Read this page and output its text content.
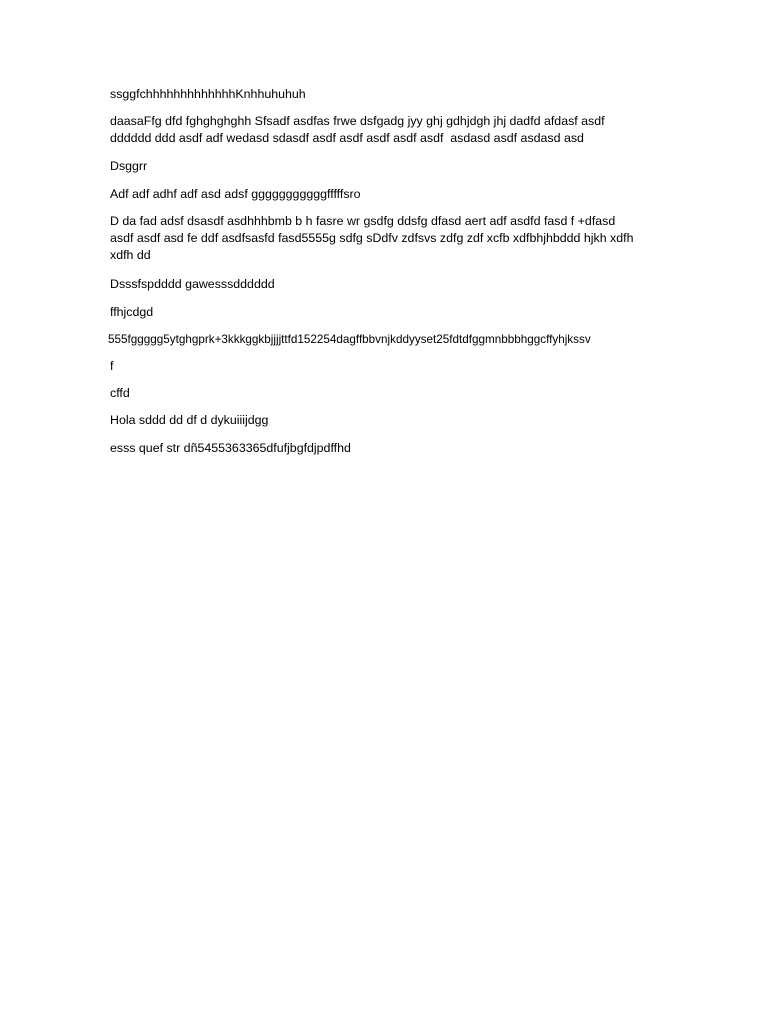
ssggfchhhhhhhhhhhhhKnhhuhuhuh

daasaFfg dfd fghghghghh Sfsadf asdfas frwe dsfgadg jyy ghj gdhjdgh jhj dadfd afdasf asdf
dddddd ddd asdf adf wedasd sdasdf asdf asdf asdf asdf asdf  asdasd asdf asdasd asd

Dsggrr

Adf adf adhf adf asd adsf gggggggggggfffffsro

D da fad adsf dsasdf asdhhhbmb b h fasre wr gsdfg ddsfg dfasd aert adf asdfd fasd f +dfasd
asdf asdf asd fe ddf asdfsasfd fasd5555g sdfg sDdfv zdfsvs zdfg zdf xcfb xdfbhjhbddd hjkh xdfh
xdfh dd

Dsssfspdddd gawesssdddddd

ffhjcdgd

555fggggg5ytghgprk+3kkkggkbjjjjttfd152254dagffbbvnjkddyyset25fdtdfggmnbbbhggcffyhjkssv

f

cffd

Hola sddd dd df d dykuiiijdgg

esss quef str dñ5455363365dfufjbgfdjpdffhd
